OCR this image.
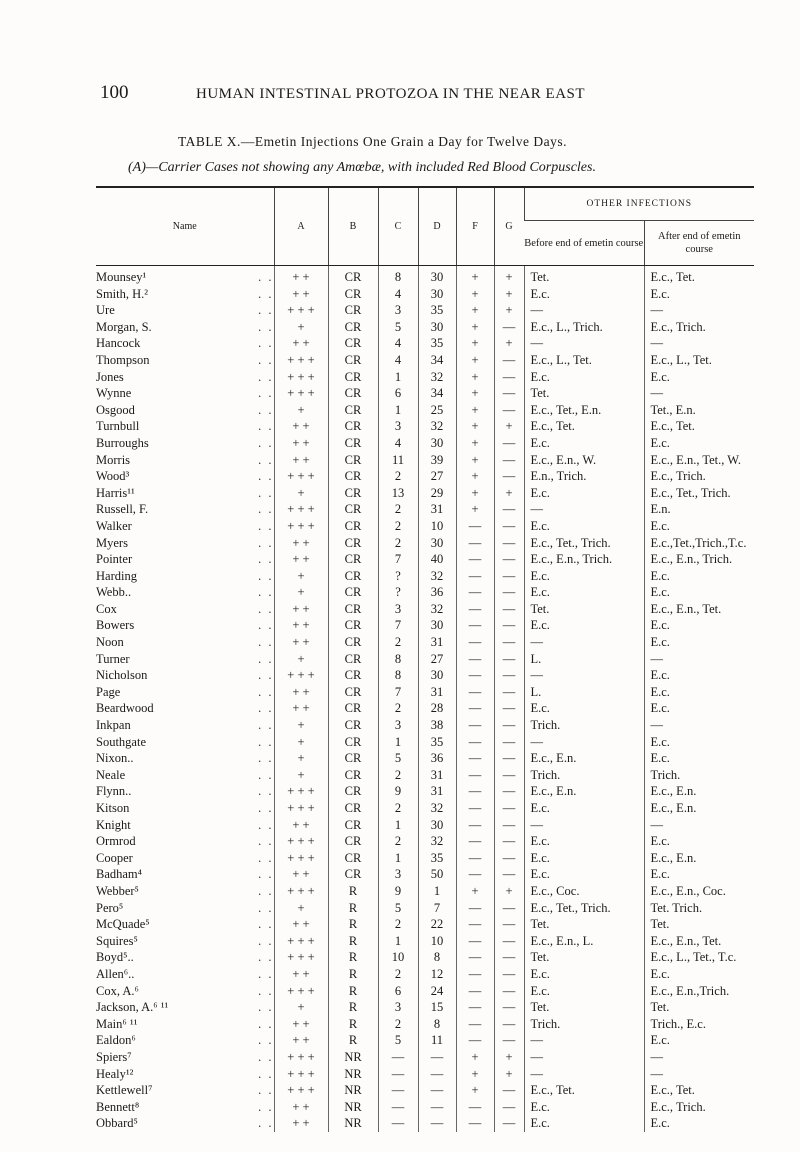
100	HUMAN INTESTINAL PROTOZOA IN THE NEAR EAST
TABLE X.—Emetin Injections One Grain a Day for Twelve Days.
(A)—Carrier Cases not showing any Amœbæ, with included Red Blood Corpuscles.
Name	A	B	C	D	F	G	OTHER INFECTIONS	
							Before end of emetin course	After end of emetin course

Mounsey¹ . .	+ +	CR	8	30	+	+	Tet.	E.c., Tet.

Smith, H.² . .	+ +	CR	4	30	+	+	E.c.	E.c.

Ure . .	+ + +	CR	3	35	+	+	—	—

Morgan, S. . .	+	CR	5	30	+	—	E.c., L., Trich.	E.c., Trich.

Hancock . .	+ +	CR	4	35	+	+	—	—

Thompson . .	+ + +	CR	4	34	+	—	E.c., L., Tet.	E.c., L., Tet.

Jones . .	+ + +	CR	1	32	+	—	E.c.	E.c.

Wynne . .	+ + +	CR	6	34	+	—	Tet.	—

Osgood . .	+	CR	1	25	+	—	E.c., Tet., E.n.	Tet., E.n.

Turnbull . .	+ +	CR	3	32	+	+	E.c., Tet.	E.c., Tet.

Burroughs . .	+ +	CR	4	30	+	—	E.c.	E.c.

Morris . .	+ +	CR	11	39	+	—	E.c., E.n., W.	E.c., E.n., Tet., W.

Wood³ . .	+ + +	CR	2	27	+	—	E.n., Trich.	E.c., Trich.

Harris¹¹ . .	+	CR	13	29	+	+	E.c.	E.c., Tet., Trich.

Russell, F. . .	+ + +	CR	2	31	+	—	—	E.n.

Walker . .	+ + +	CR	2	10	—	—	E.c.	E.c.

Myers . .	+ +	CR	2	30	—	—	E.c., Tet., Trich.	E.c.,Tet.,Trich.,T.c.

Pointer . .	+ +	CR	7	40	—	—	E.c., E.n., Trich.	E.c., E.n., Trich.

Harding . .	+	CR	?	32	—	—	E.c.	E.c.

Webb.. . .	+	CR	?	36	—	—	E.c.	E.c.

Cox . .	+ +	CR	3	32	—	—	Tet.	E.c., E.n., Tet.

Bowers . .	+ +	CR	7	30	—	—	E.c.	E.c.

Noon . .	+ +	CR	2	31	—	—	—	E.c.

Turner . .	+	CR	8	27	—	—	L.	—

Nicholson . .	+ + +	CR	8	30	—	—	—	E.c.

Page . .	+ +	CR	7	31	—	—	L.	E.c.

Beardwood . .	+ +	CR	2	28	—	—	E.c.	E.c.

Inkpan . .	+	CR	3	38	—	—	Trich.	—

Southgate . .	+	CR	1	35	—	—	—	E.c.

Nixon.. . .	+	CR	5	36	—	—	E.c., E.n.	E.c.

Neale . .	+	CR	2	31	—	—	Trich.	Trich.

Flynn.. . .	+ + +	CR	9	31	—	—	E.c., E.n.	E.c., E.n.

Kitson . .	+ + +	CR	2	32	—	—	E.c.	E.c., E.n.

Knight . .	+ +	CR	1	30	—	—	—	—

Ormrod . .	+ + +	CR	2	32	—	—	E.c.	E.c.

Cooper . .	+ + +	CR	1	35	—	—	E.c.	E.c., E.n.

Badham⁴ . .	+ +	CR	3	50	—	—	E.c.	E.c.

Webber⁵ . .	+ + +	R	9	1	+	+	E.c., Coc.	E.c., E.n., Coc.

Pero⁵ . .	+	R	5	7	—	—	E.c., Tet., Trich.	Tet. Trich.

McQuade⁵ . .	+ +	R	2	22	—	—	Tet.	Tet.

Squires⁵ . .	+ + +	R	1	10	—	—	E.c., E.n., L.	E.c., E.n., Tet.

Boyd⁵.. . .	+ + +	R	10	8	—	—	Tet.	E.c., L., Tet., T.c.

Allen⁶.. . .	+ +	R	2	12	—	—	E.c.	E.c.

Cox, A.⁶ . .	+ + +	R	6	24	—	—	E.c.	E.c., E.n.,Trich.

Jackson, A.⁶ ¹¹ . .	+	R	3	15	—	—	Tet.	Tet.

Main⁶ ¹¹ . .	+ +	R	2	8	—	—	Trich.	Trich., E.c.

Ealdon⁶ . .	+ +	R	5	11	—	—	—	E.c.

Spiers⁷ . .	+ + +	NR	—	—	+	+	—	—

Healy¹² . .	+ + +	NR	—	—	+	+	—	—

Kettlewell⁷ . .	+ + +	NR	—	—	+	—	E.c., Tet.	E.c., Tet.

Bennett⁸ . .	+ +	NR	—	—	—	—	E.c.	E.c., Trich.

Obbard⁵ . .	+ +	NR	—	—	—	—	E.c.	E.c.
